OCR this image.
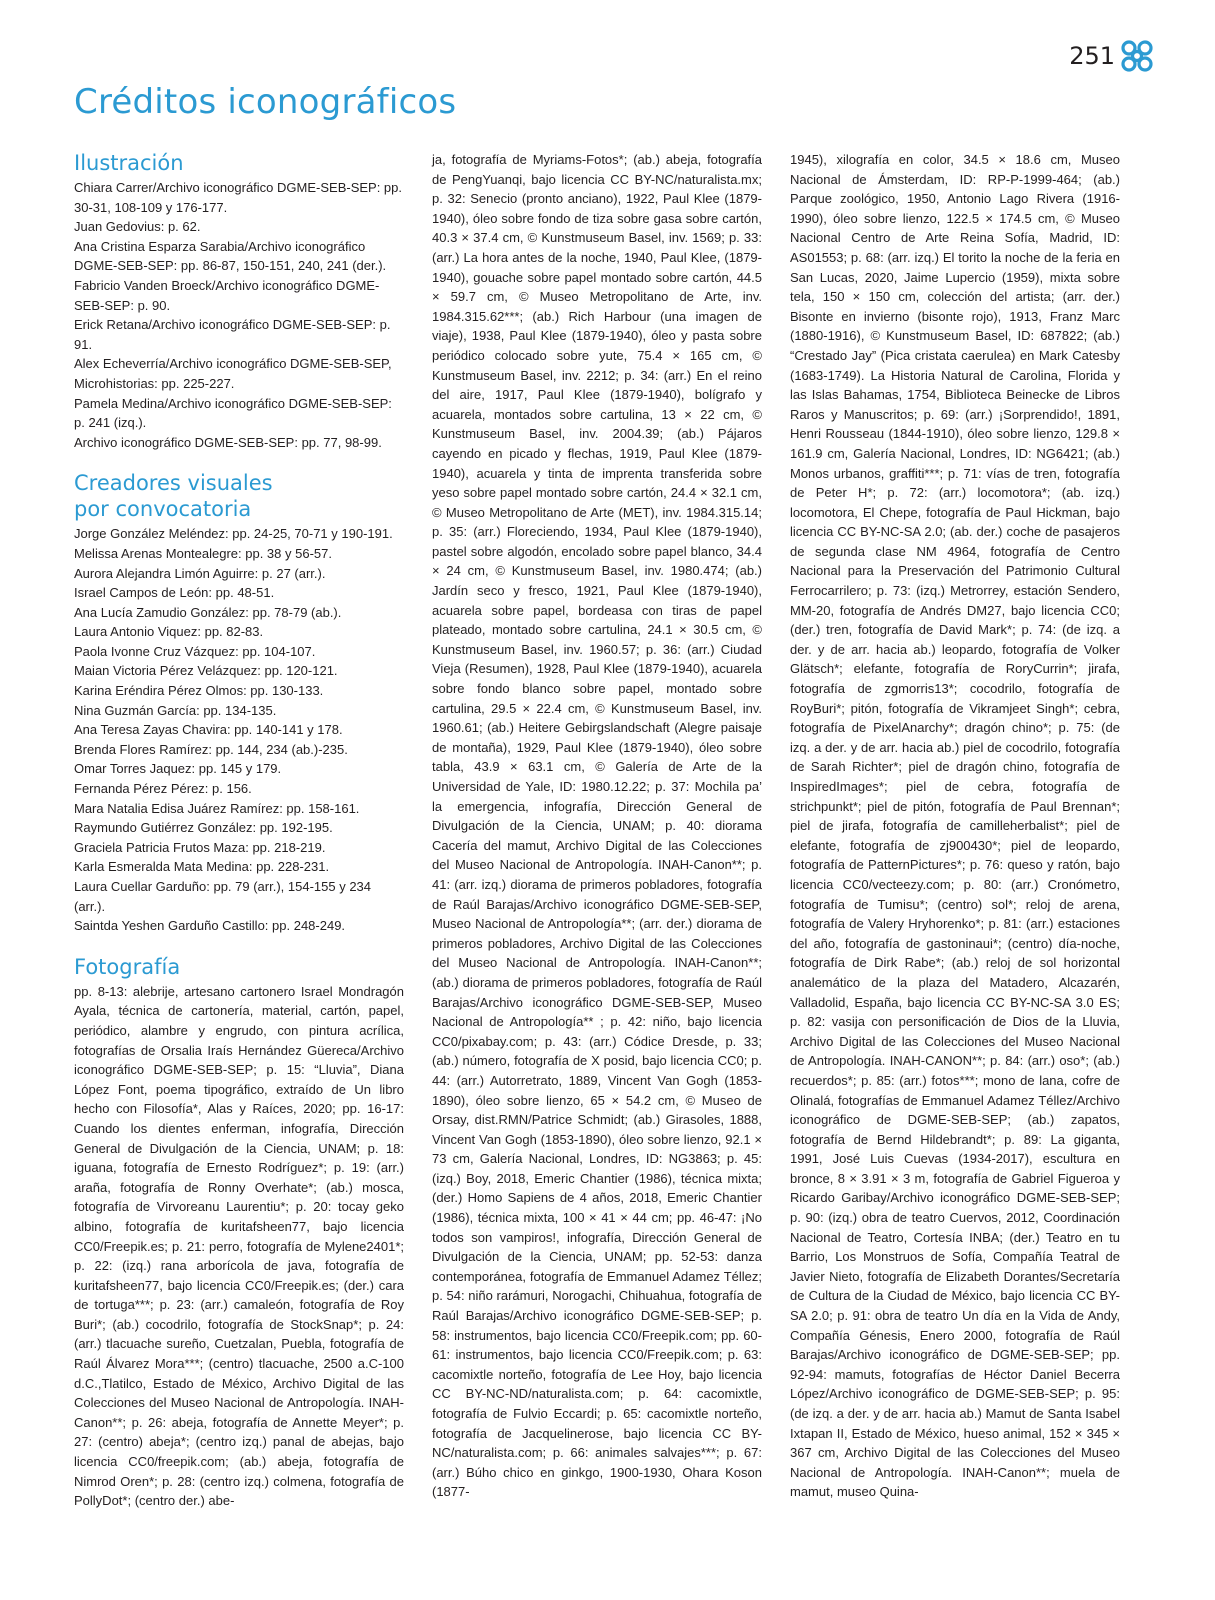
251
Créditos iconográficos
Ilustración

Chiara Carrer/Archivo iconográfico DGME-SEB-SEP: pp. 30-31, 108-109 y 176-177.

Juan Gedovius: p. 62.

Ana Cristina Esparza Sarabia/Archivo iconográfico DGME-SEB-SEP: pp. 86-87, 150-151, 240, 241 (der.).

Fabricio Vanden Broeck/Archivo iconográfico DGME-SEB-SEP: p. 90.

Erick Retana/Archivo iconográfico DGME-SEB-SEP: p. 91.

Alex Echeverría/Archivo iconográfico DGME-SEB-SEP, Microhistorias: pp. 225-227.

Pamela Medina/Archivo iconográfico DGME-SEB-SEP: p. 241 (izq.).

Archivo iconográfico DGME-SEB-SEP: pp. 77, 98-99.

Creadores visuales
por convocatoria

Jorge González Meléndez: pp. 24-25, 70-71 y 190-191.

Melissa Arenas Montealegre: pp. 38 y 56-57.

Aurora Alejandra Limón Aguirre: p. 27 (arr.).

Israel Campos de León: pp. 48-51.

Ana Lucía Zamudio González: pp. 78-79 (ab.).

Laura Antonio Viquez: pp. 82-83.

Paola Ivonne Cruz Vázquez: pp. 104-107.

Maian Victoria Pérez Velázquez: pp. 120-121.

Karina Eréndira Pérez Olmos: pp. 130-133.

Nina Guzmán García: pp. 134-135.

Ana Teresa Zayas Chavira: pp. 140-141 y 178.

Brenda Flores Ramírez: pp. 144, 234 (ab.)-235.

Omar Torres Jaquez: pp. 145 y 179.

Fernanda Pérez Pérez: p. 156.

Mara Natalia Edisa Juárez Ramírez: pp. 158-161.

Raymundo Gutiérrez González: pp. 192-195.

Graciela Patricia Frutos Maza: pp. 218-219.

Karla Esmeralda Mata Medina: pp. 228-231.

Laura Cuellar Garduño: pp. 79 (arr.), 154-155 y 234 (arr.).

Saintda Yeshen Garduño Castillo: pp. 248-249.

Fotografía

pp. 8-13: alebrije, artesano cartonero Israel Mondragón Ayala, técnica de cartonería, material, cartón, papel, periódico, alambre y engrudo, con pintura acrílica, fotografías de Orsalia Iraís Hernández Güereca/Archivo iconográfico DGME-SEB-SEP; p. 15: “Lluvia”, Diana López Font, poema tipográfico, extraído de Un libro hecho con Filosofía*, Alas y Raíces, 2020; pp. 16-17: Cuando los dientes enferman, infografía, Dirección General de Divulgación de la Ciencia, UNAM; p. 18: iguana, fotografía de Ernesto Rodríguez*; p. 19: (arr.) araña, fotografía de Ronny Overhate*; (ab.) mosca, fotografía de Virvoreanu Laurentiu*; p. 20: tocay geko albino, fotografía de kuritafsheen77, bajo licencia CC0/Freepik.es; p. 21: perro, fotografía de Mylene2401*; p. 22: (izq.) rana arborícola de java, fotografía de kuritafsheen77, bajo licencia CC0/Freepik.es; (der.) cara de tortuga***; p. 23: (arr.) camaleón, fotografía de Roy Buri*; (ab.) cocodrilo, fotografía de StockSnap*; p. 24: (arr.) tlacuache sureño, Cuetzalan, Puebla, fotografía de Raúl Álvarez Mora***; (centro) tlacuache, 2500 a.C-100 d.C.,Tlatilco, Estado de México, Archivo Digital de las Colecciones del Museo Nacional de Antropología. INAH-Canon**; p. 26: abeja, fotografía de Annette Meyer*; p. 27: (centro) abeja*; (centro izq.) panal de abejas, bajo licencia CC0/freepik.com; (ab.) abeja, fotografía de Nimrod Oren*; p. 28: (centro izq.) colmena, fotografía de PollyDot*; (centro der.) abe-

ja, fotografía de Myriams-Fotos*; (ab.) abeja, fotografía de PengYuanqi, bajo licencia CC BY-NC/naturalista.mx; p. 32: Senecio (pronto anciano), 1922, Paul Klee (1879-1940), óleo sobre fondo de tiza sobre gasa sobre cartón, 40.3 × 37.4 cm, © Kunstmuseum Basel, inv. 1569; p. 33: (arr.) La hora antes de la noche, 1940, Paul Klee, (1879-1940), gouache sobre papel montado sobre cartón, 44.5 × 59.7 cm, © Museo Metropolitano de Arte, inv. 1984.315.62***; (ab.) Rich Harbour (una imagen de viaje), 1938, Paul Klee (1879-1940), óleo y pasta sobre periódico colocado sobre yute, 75.4 × 165 cm, © Kunstmuseum Basel, inv. 2212; p. 34: (arr.) En el reino del aire, 1917, Paul Klee (1879-1940), bolígrafo y acuarela, montados sobre cartulina, 13 × 22 cm, © Kunstmuseum Basel, inv. 2004.39; (ab.) Pájaros cayendo en picado y flechas, 1919, Paul Klee (1879-1940), acuarela y tinta de imprenta transferida sobre yeso sobre papel montado sobre cartón, 24.4 × 32.1 cm, © Museo Metropolitano de Arte (MET), inv. 1984.315.14; p. 35: (arr.) Floreciendo, 1934, Paul Klee (1879-1940), pastel sobre algodón, encolado sobre papel blanco, 34.4 × 24 cm, © Kunstmuseum Basel, inv. 1980.474; (ab.) Jardín seco y fresco, 1921, Paul Klee (1879-1940), acuarela sobre papel, bordeasa con tiras de papel plateado, montado sobre cartulina, 24.1 × 30.5 cm, © Kunstmuseum Basel, inv. 1960.57; p. 36: (arr.) Ciudad Vieja (Resumen), 1928, Paul Klee (1879-1940), acuarela sobre fondo blanco sobre papel, montado sobre cartulina, 29.5 × 22.4 cm, © Kunstmuseum Basel, inv. 1960.61; (ab.) Heitere Gebirgslandschaft (Alegre paisaje de montaña), 1929, Paul Klee (1879-1940), óleo sobre tabla, 43.9 × 63.1 cm, © Galería de Arte de la Universidad de Yale, ID: 1980.12.22; p. 37: Mochila pa’ la emergencia, infografía, Dirección General de Divulgación de la Ciencia, UNAM; p. 40: diorama Cacería del mamut, Archivo Digital de las Colecciones del Museo Nacional de Antropología. INAH-Canon**; p. 41: (arr. izq.) diorama de primeros pobladores, fotografía de Raúl Barajas/Archivo iconográfico DGME-SEB-SEP, Museo Nacional de Antropología**; (arr. der.) diorama de primeros pobladores, Archivo Digital de las Colecciones del Museo Nacional de Antropología. INAH-Canon**; (ab.) diorama de primeros pobladores, fotografía de Raúl Barajas/Archivo iconográfico DGME-SEB-SEP, Museo Nacional de Antropología** ; p. 42: niño, bajo licencia CC0/pixabay.com; p. 43: (arr.) Códice Dresde, p. 33; (ab.) número, fotografía de X posid, bajo licencia CC0; p. 44: (arr.) Autorretrato, 1889, Vincent Van Gogh (1853-1890), óleo sobre lienzo, 65 × 54.2 cm, © Museo de Orsay, dist.RMN/Patrice Schmidt; (ab.) Girasoles, 1888, Vincent Van Gogh (1853-1890), óleo sobre lienzo, 92.1 × 73 cm, Galería Nacional, Londres, ID: NG3863; p. 45: (izq.) Boy, 2018, Emeric Chantier (1986), técnica mixta; (der.) Homo Sapiens de 4 años, 2018, Emeric Chantier (1986), técnica mixta, 100 × 41 × 44 cm; pp. 46-47: ¡No todos son vampiros!, infografía, Dirección General de Divulgación de la Ciencia, UNAM; pp. 52-53: danza contemporánea, fotografía de Emmanuel Adamez Téllez; p. 54: niño rarámuri, Norogachi, Chihuahua, fotografía de Raúl Barajas/Archivo iconográfico DGME-SEB-SEP; p. 58: instrumentos, bajo licencia CC0/Freepik.com; pp. 60-61: instrumentos, bajo licencia CC0/Freepik.com; p. 63: cacomixtle norteño, fotografía de Lee Hoy, bajo licencia CC BY-NC-ND/naturalista.com; p. 64: cacomixtle, fotografía de Fulvio Eccardi; p. 65: cacomixtle norteño, fotografía de Jacquelinerose, bajo licencia CC BY-NC/naturalista.com; p. 66: animales salvajes***; p. 67: (arr.) Búho chico en ginkgo, 1900-1930, Ohara Koson (1877-

1945), xilografía en color, 34.5 × 18.6 cm, Museo Nacional de Ámsterdam, ID: RP-P-1999-464; (ab.) Parque zoológico, 1950, Antonio Lago Rivera (1916-1990), óleo sobre lienzo, 122.5 × 174.5 cm, © Museo Nacional Centro de Arte Reina Sofía, Madrid, ID: AS01553; p. 68: (arr. izq.) El torito la noche de la feria en San Lucas, 2020, Jaime Lupercio (1959), mixta sobre tela, 150 × 150 cm, colección del artista; (arr. der.) Bisonte en invierno (bisonte rojo), 1913, Franz Marc (1880-1916), © Kunstmuseum Basel, ID: 687822; (ab.) “Crestado Jay” (Pica cristata caerulea) en Mark Catesby (1683-1749). La Historia Natural de Carolina, Florida y las Islas Bahamas, 1754, Biblioteca Beinecke de Libros Raros y Manuscritos; p. 69: (arr.) ¡Sorprendido!, 1891, Henri Rousseau (1844-1910), óleo sobre lienzo, 129.8 × 161.9 cm, Galería Nacional, Londres, ID: NG6421; (ab.) Monos urbanos, graffiti***; p. 71: vías de tren, fotografía de Peter H*; p. 72: (arr.) locomotora*; (ab. izq.) locomotora, El Chepe, fotografía de Paul Hickman, bajo licencia CC BY-NC-SA 2.0; (ab. der.) coche de pasajeros de segunda clase NM 4964, fotografía de Centro Nacional para la Preservación del Patrimonio Cultural Ferrocarrilero; p. 73: (izq.) Metrorrey, estación Sendero, MM-20, fotografía de Andrés DM27, bajo licencia CC0; (der.) tren, fotografía de David Mark*; p. 74: (de izq. a der. y de arr. hacia ab.) leopardo, fotografía de Volker Glätsch*; elefante, fotografía de RoryCurrin*; jirafa, fotografía de zgmorris13*; cocodrilo, fotografía de RoyBuri*; pitón, fotografía de Vikramjeet Singh*; cebra, fotografía de PixelAnarchy*; dragón chino*; p. 75: (de izq. a der. y de arr. hacia ab.) piel de cocodrilo, fotografía de Sarah Richter*; piel de dragón chino, fotografía de InspiredImages*; piel de cebra, fotografía de strichpunkt*; piel de pitón, fotografía de Paul Brennan*; piel de jirafa, fotografía de camilleherbalist*; piel de elefante, fotografía de zj900430*; piel de leopardo, fotografía de PatternPictures*; p. 76: queso y ratón, bajo licencia CC0/vecteezy.com; p. 80: (arr.) Cronómetro, fotografía de Tumisu*; (centro) sol*; reloj de arena, fotografía de Valery Hryhorenko*; p. 81: (arr.) estaciones del año, fotografía de gastoninaui*; (centro) día-noche, fotografía de Dirk Rabe*; (ab.) reloj de sol horizontal analemático de la plaza del Matadero, Alcazarén, Valladolid, España, bajo licencia CC BY-NC-SA 3.0 ES; p. 82: vasija con personificación de Dios de la Lluvia, Archivo Digital de las Colecciones del Museo Nacional de Antropología. INAH-CANON**; p. 84: (arr.) oso*; (ab.) recuerdos*; p. 85: (arr.) fotos***; mono de lana, cofre de Olinalá, fotografías de Emmanuel Adamez Téllez/Archivo iconográfico de DGME-SEB-SEP; (ab.) zapatos, fotografía de Bernd Hildebrandt*; p. 89: La giganta, 1991, José Luis Cuevas (1934-2017), escultura en bronce, 8 × 3.91 × 3 m, fotografía de Gabriel Figueroa y Ricardo Garibay/Archivo iconográfico DGME-SEB-SEP; p. 90: (izq.) obra de teatro Cuervos, 2012, Coordinación Nacional de Teatro, Cortesía INBA; (der.) Teatro en tu Barrio, Los Monstruos de Sofía, Compañía Teatral de Javier Nieto, fotografía de Elizabeth Dorantes/Secretaría de Cultura de la Ciudad de México, bajo licencia CC BY-SA 2.0; p. 91: obra de teatro Un día en la Vida de Andy, Compañía Génesis, Enero 2000, fotografía de Raúl Barajas/Archivo iconográfico de DGME-SEB-SEP; pp. 92-94: mamuts, fotografías de Héctor Daniel Becerra López/Archivo iconográfico de DGME-SEB-SEP; p. 95: (de izq. a der. y de arr. hacia ab.) Mamut de Santa Isabel Ixtapan II, Estado de México, hueso animal, 152 × 345 × 367 cm, Archivo Digital de las Colecciones del Museo Nacional de Antropología. INAH-Canon**; muela de mamut, museo Quina-
